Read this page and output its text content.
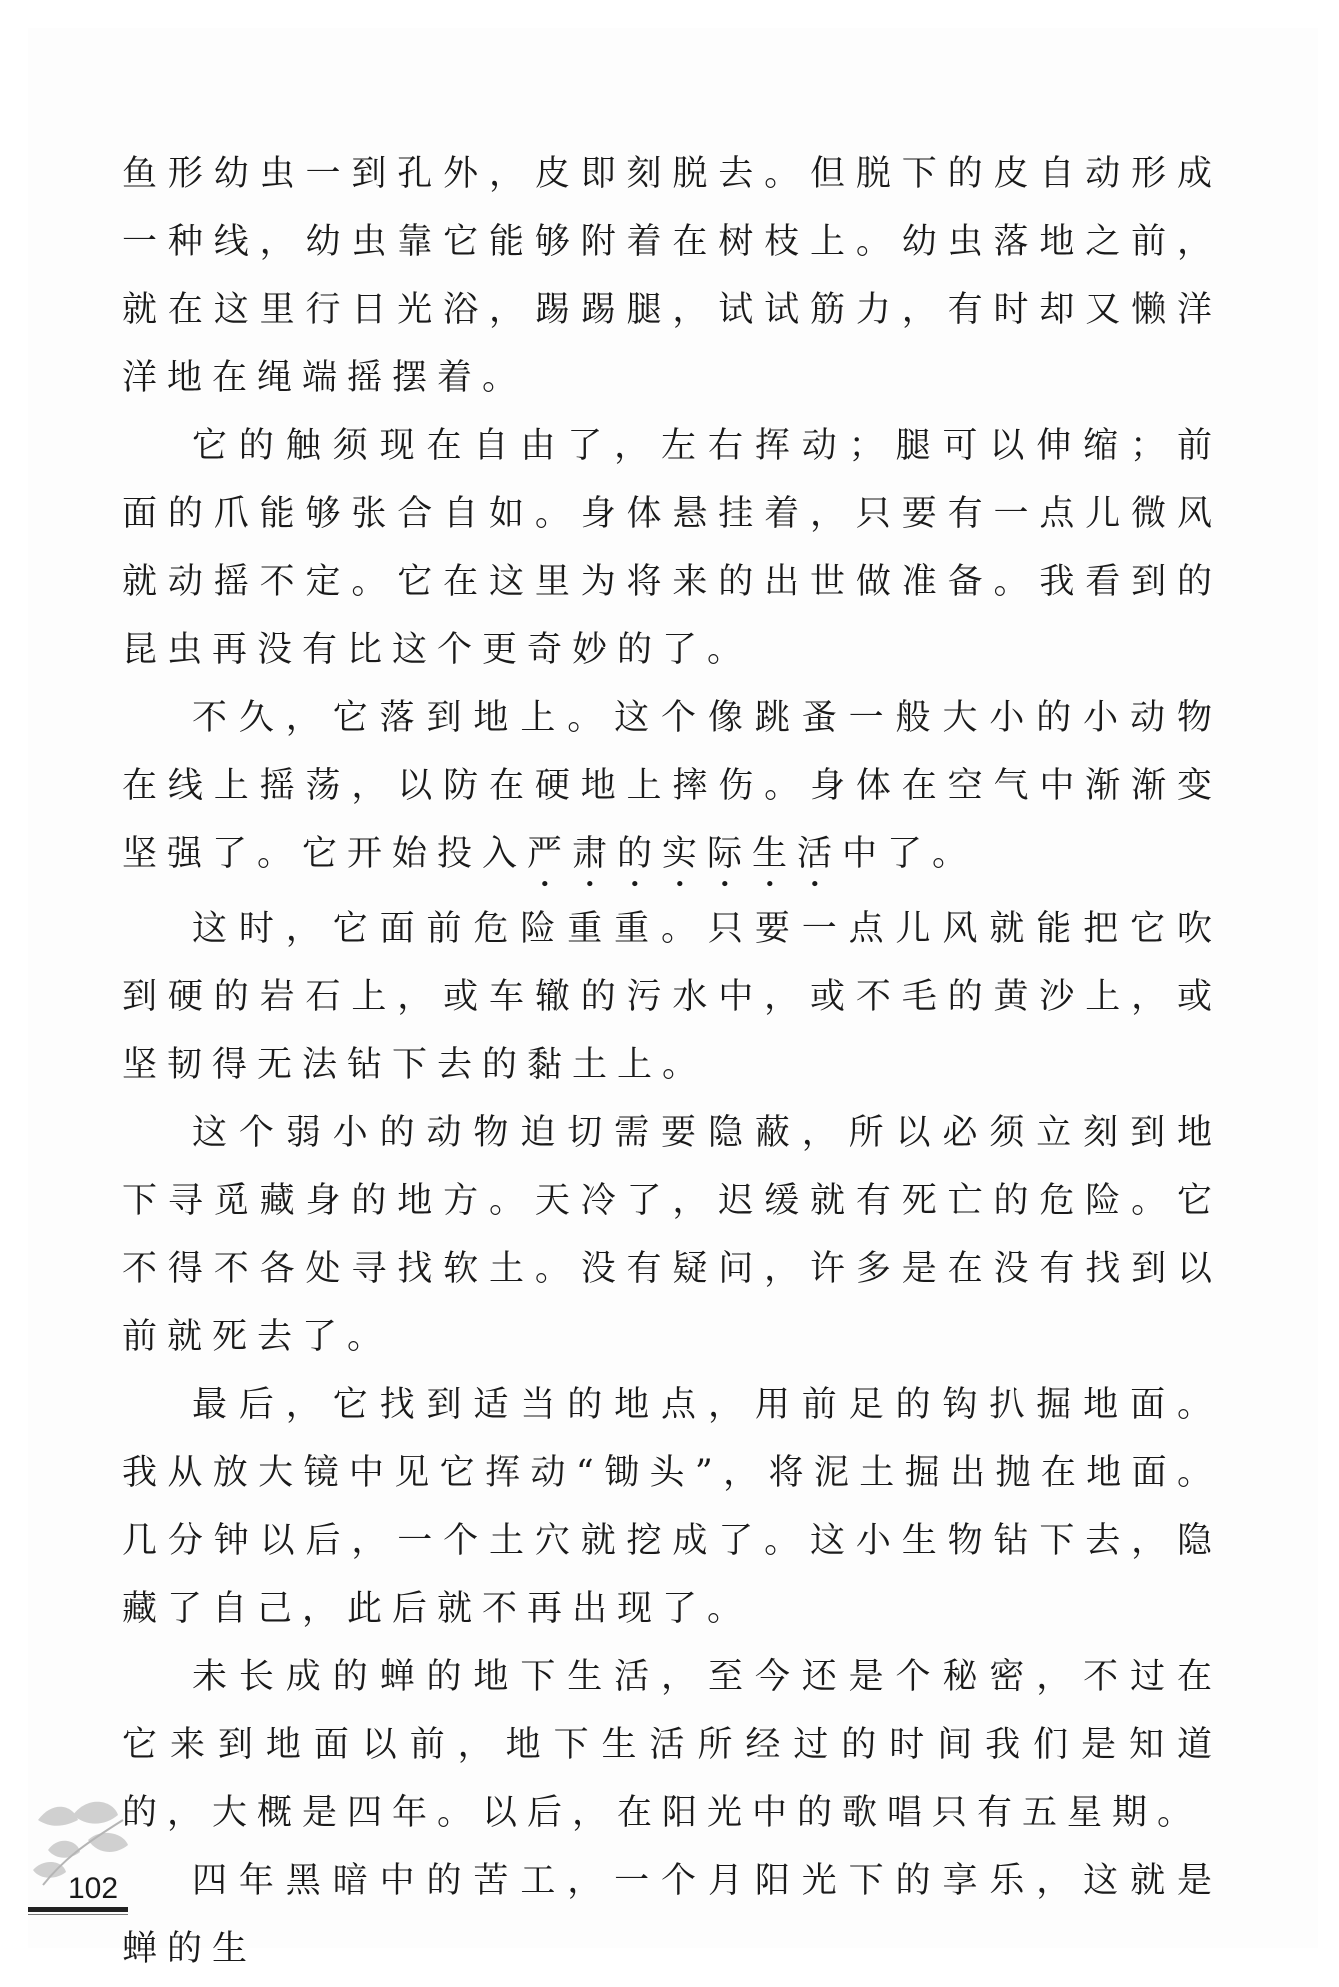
鱼形幼虫一到孔外，皮即刻脱去。但脱下的皮自动形成一种线，幼虫靠它能够附着在树枝上。幼虫落地之前，就在这里行日光浴，踢踢腿，试试筋力，有时却又懒洋洋地在绳端摇摆着。

它的触须现在自由了，左右挥动；腿可以伸缩；前面的爪能够张合自如。身体悬挂着，只要有一点儿微风就动摇不定。它在这里为将来的出世做准备。我看到的昆虫再没有比这个更奇妙的了。

不久，它落到地上。这个像跳蚤一般大小的小动物在线上摇荡，以防在硬地上摔伤。身体在空气中渐渐变坚强了。它开始投入严肃的实际生活中了。

这时，它面前危险重重。只要一点儿风就能把它吹到硬的岩石上，或车辙的污水中，或不毛的黄沙上，或坚韧得无法钻下去的黏土上。

这个弱小的动物迫切需要隐蔽，所以必须立刻到地下寻觅藏身的地方。天冷了，迟缓就有死亡的危险。它不得不各处寻找软土。没有疑问，许多是在没有找到以前就死去了。

最后，它找到适当的地点，用前足的钩扒掘地面。我从放大镜中见它挥动“锄头”，将泥土掘出抛在地面。几分钟以后，一个土穴就挖成了。这小生物钻下去，隐藏了自己，此后就不再出现了。

未长成的蝉的地下生活，至今还是个秘密，不过在它来到地面以前，地下生活所经过的时间我们是知道的，大概是四年。以后，在阳光中的歌唱只有五星期。

四年黑暗中的苦工，一个月阳光下的享乐，这就是蝉的生

102
